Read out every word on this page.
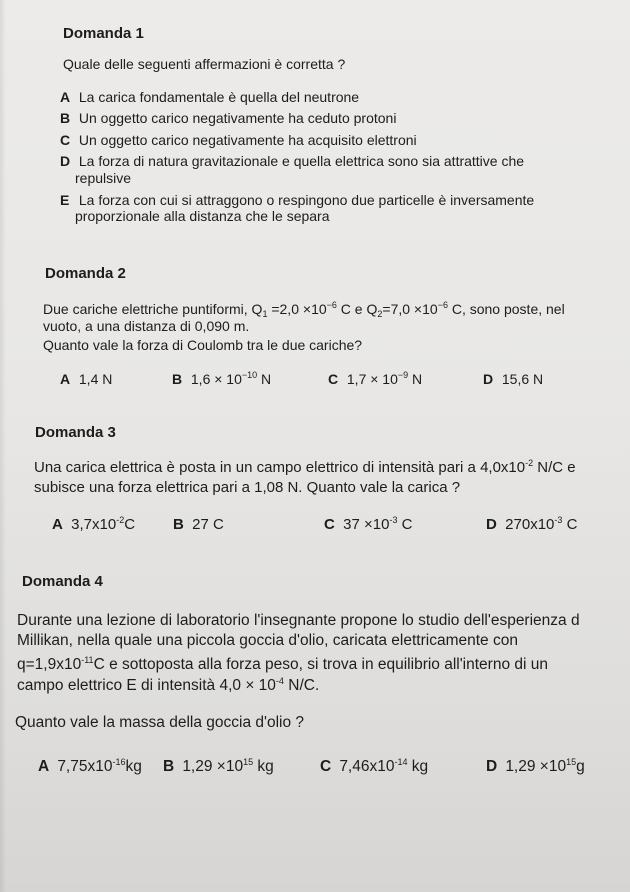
Domanda 1
Quale delle seguenti affermazioni è corretta ?
A La carica fondamentale è quella del neutrone
B Un oggetto carico negativamente ha ceduto protoni
C Un oggetto carico negativamente ha acquisito elettroni
D La forza di natura gravitazionale e quella elettrica sono sia attrattive che
repulsive
E La forza con cui si attraggono o respingono due particelle è inversamente
proporzionale alla distanza che le separa
Domanda 2
Due cariche elettriche puntiformi, $Q_1 =2,0 \times 10^{-6}$ C e $Q_2=7,0 \times 10^{-6}$ C, sono poste, nel
vuoto, a una distanza di 0,090 m.
Quanto vale la forza di Coulomb tra le due cariche?
A 1,4 N	B $1,6 \times 10^{-10}$ N	C $1,7 \times 10^{-9}$ N	D 15,6 N
Domanda 3
Una carica elettrica è posta in un campo elettrico di intensità pari a $4,0x10^{-2}$ N/C e
subisce una forza elettrica pari a 1,08 N. Quanto vale la carica ?
A $3,7x10^{-2}C$	B 27 C	C $37 \times 10^{-3}$ C	D $270x10^{-3}$ C
Domanda 4
Durante una lezione di laboratorio l'insegnante propone lo studio dell'esperienza d
Millikan, nella quale una piccola goccia d'olio, caricata elettricamente con
$q=1,9x10^{-11}C$ e sottoposta alla forza peso, si trova in equilibrio all'interno di un
campo elettrico E di intensità $4,0 \times 10^{-4}$ N/C.
Quanto vale la massa della goccia d'olio ?
A $7,75x10^{-16}kg$ B $1,29 \times 10^{15}$ kg	C $7,46x10^{-14}$ kg	D $1,29 \times 10^{15}g$
